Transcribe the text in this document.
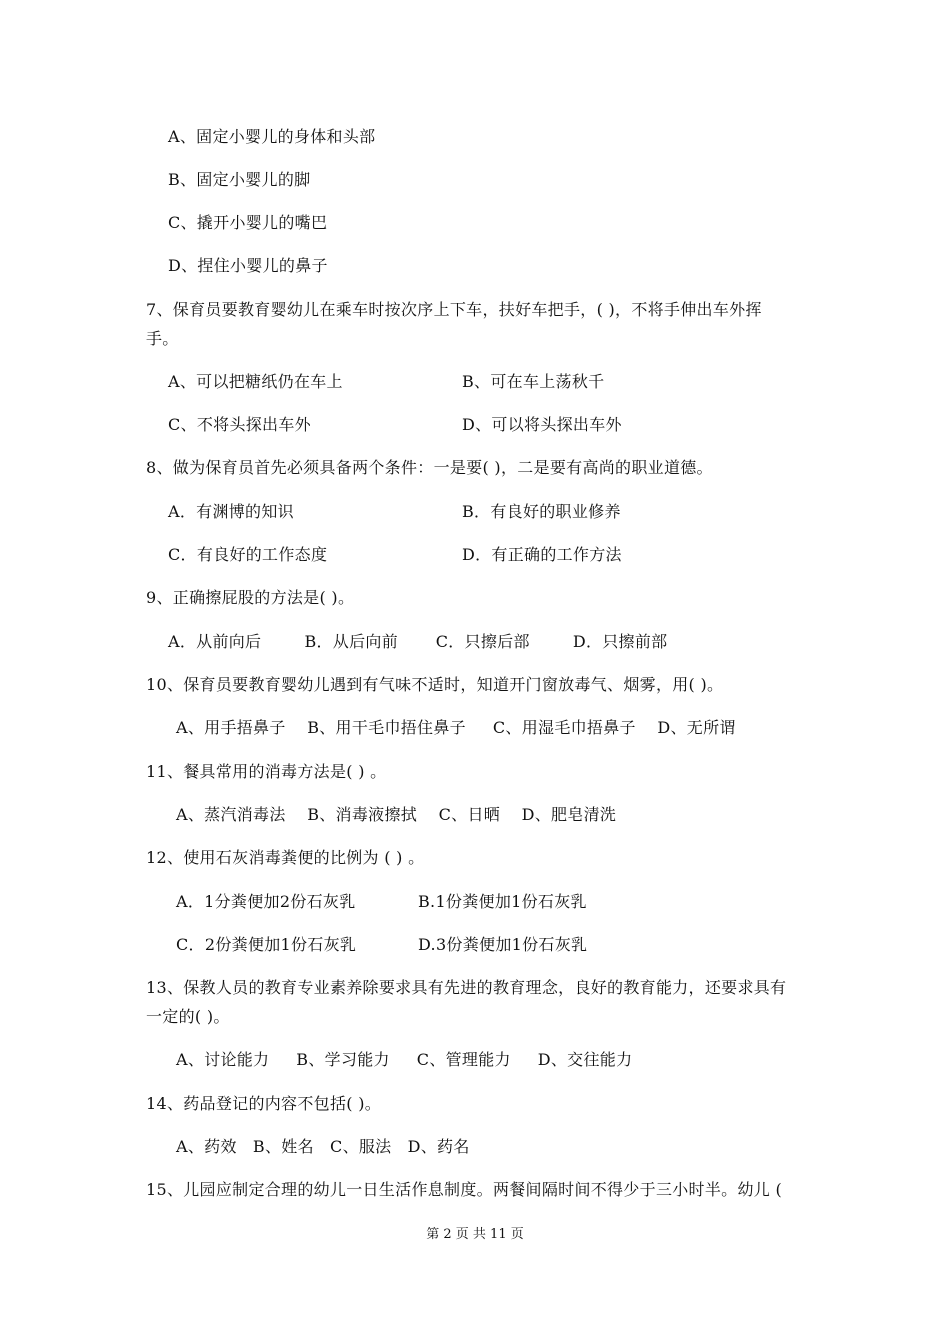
A、固定小婴儿的身体和头部
B、固定小婴儿的脚
C、撬开小婴儿的嘴巴
D、捏住小婴儿的鼻子
7、保育员要教育婴幼儿在乘车时按次序上下车，扶好车把手，( )，不将手伸出车外挥
手。
A、可以把糖纸仍在车上	B、可在车上荡秋千
C、不将头探出车外	D、可以将头探出车外
8、做为保育员首先必须具备两个条件：一是要( )，二是要有高尚的职业道德。
A．有渊博的知识	B．有良好的职业修养
C．有良好的工作态度	D．有正确的工作方法
9、正确擦屁股的方法是( )。
A．从前向后        B．从后向前       C．只擦后部        D．只擦前部
10、保育员要教育婴幼儿遇到有气味不适时，知道开门窗放毒气、烟雾，用( )。
A、用手捂鼻子    B、用干毛巾捂住鼻子     C、用湿毛巾捂鼻子    D、无所谓
11、餐具常用的消毒方法是( ) 。
A、蒸汽消毒法    B、消毒液擦拭    C、日晒    D、肥皂清洗
12、使用石灰消毒粪便的比例为 ( ) 。
A．1分粪便加2份石灰乳	B.1份粪便加1份石灰乳
C．2份粪便加1份石灰乳	D.3份粪便加1份石灰乳
13、保教人员的教育专业素养除要求具有先进的教育理念，良好的教育能力，还要求具有
一定的( )。
A、讨论能力     B、学习能力     C、管理能力     D、交往能力
14、药品登记的内容不包括( )。
A、药效   B、姓名   C、服法   D、药名
15、儿园应制定合理的幼儿一日生活作息制度。两餐间隔时间不得少于三小时半。幼儿 (
第 2 页 共 11 页
